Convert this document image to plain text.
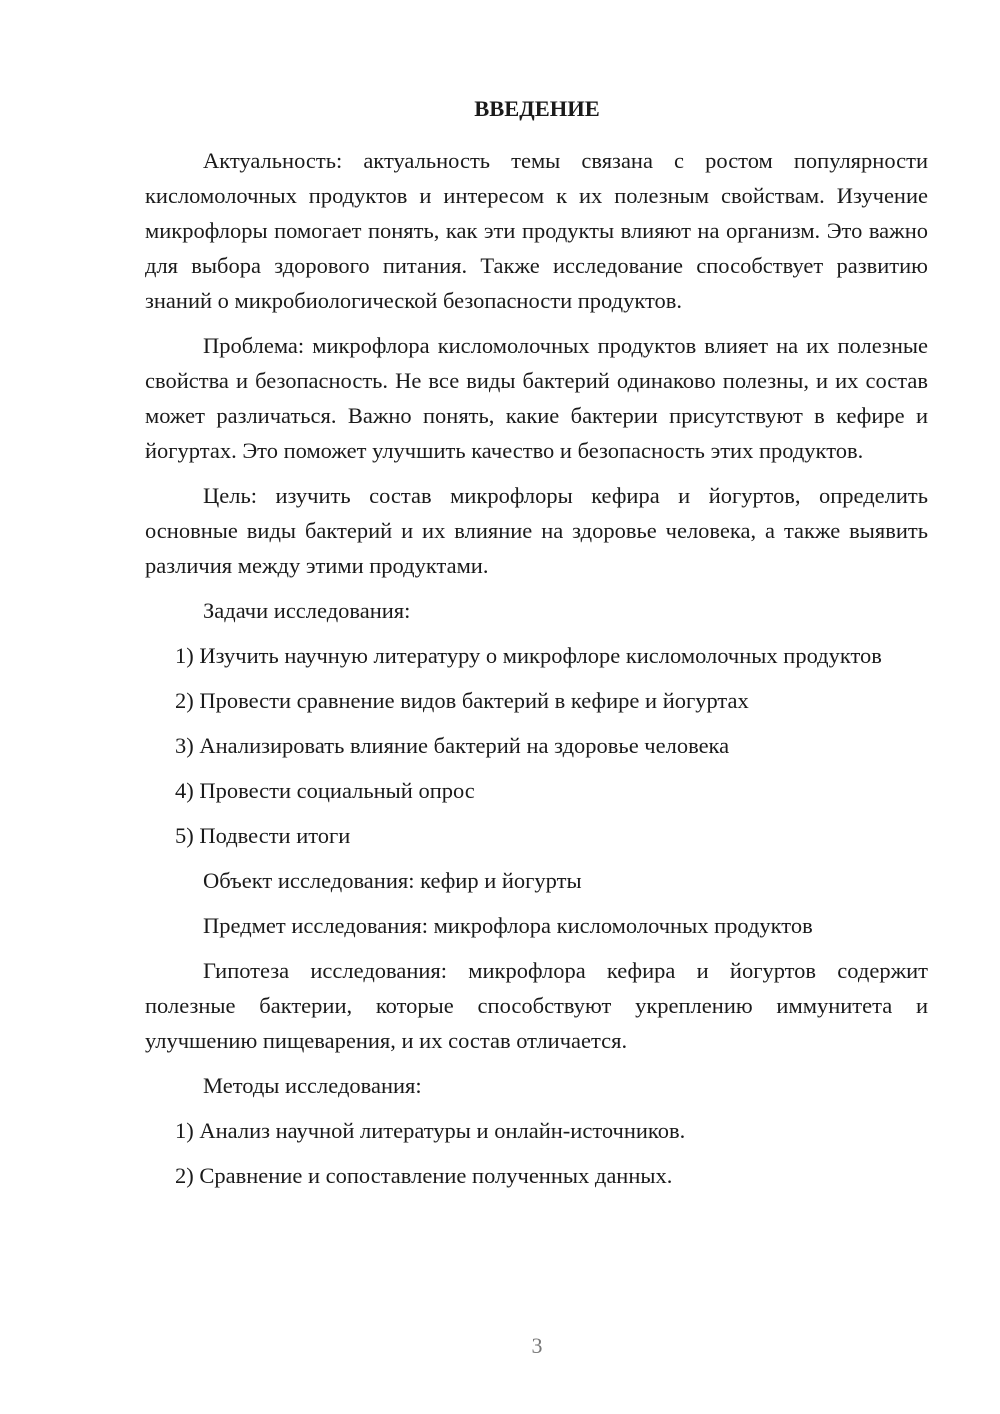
ВВЕДЕНИЕ

Актуальность: актуальность темы связана с ростом популярности кисломолочных продуктов и интересом к их полезным свойствам. Изучение микрофлоры помогает понять, как эти продукты влияют на организм. Это важно для выбора здорового питания. Также исследование способствует развитию знаний о микробиологической безопасности продуктов.

Проблема: микрофлора кисломолочных продуктов влияет на их полезные свойства и безопасность. Не все виды бактерий одинаково полезны, и их состав может различаться. Важно понять, какие бактерии присутствуют в кефире и йогуртах. Это поможет улучшить качество и безопасность этих продуктов.

Цель: изучить состав микрофлоры кефира и йогуртов, определить основные виды бактерий и их влияние на здоровье человека, а также выявить различия между этими продуктами.

Задачи исследования:

1) Изучить научную литературу о микрофлоре кисломолочных продуктов

2) Провести сравнение видов бактерий в кефире и йогуртах

3) Анализировать влияние бактерий на здоровье человека

4) Провести социальный опрос

5) Подвести итоги

Объект исследования: кефир и йогурты

Предмет исследования: микрофлора кисломолочных продуктов

Гипотеза исследования: микрофлора кефира и йогуртов содержит полезные бактерии, которые способствуют укреплению иммунитета и улучшению пищеварения, и их состав отличается.

Методы исследования:

1) Анализ научной литературы и онлайн-источников.

2) Сравнение и сопоставление полученных данных.

3
